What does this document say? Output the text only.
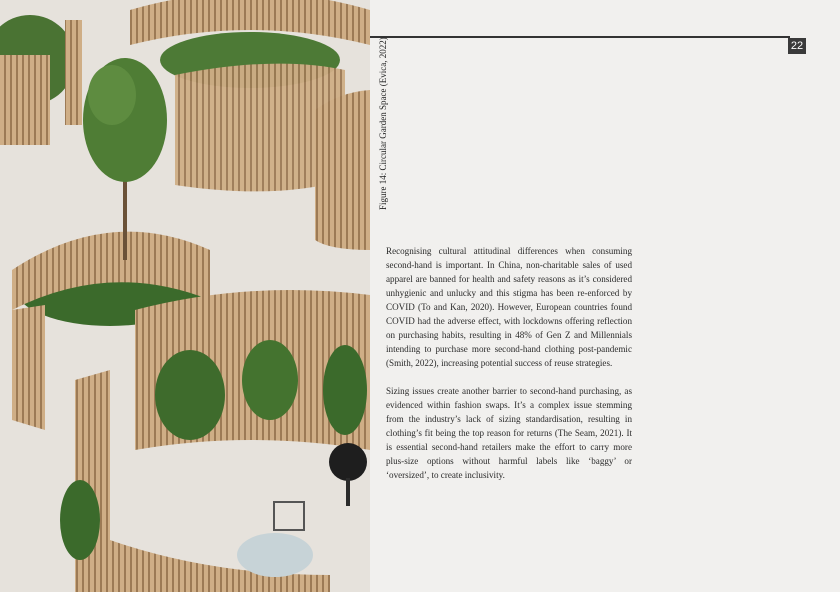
22
Figure 14: Circular Garden Space (Evica, 2022)

Recognising cultural attitudinal differences when consuming second-hand is important. In China, non-charitable sales of used apparel are banned for health and safety reasons as it’s considered unhygienic and unlucky and this stigma has been re-enforced by COVID (To and Kan, 2020). However, European countries found COVID had the adverse effect, with lockdowns offering reflection on purchasing habits, resulting in 48% of Gen Z and Millennials intending to purchase more second-hand clothing post-pandemic (Smith, 2022), increasing potential success of reuse strategies.

Sizing issues create another barrier to second-hand purchasing, as evidenced within fashion swaps. It’s a complex issue stemming from the industry’s lack of sizing standardisation, resulting in clothing’s fit being the top reason for returns (The Seam, 2021). It is essential second-hand retailers make the effort to carry more plus-size options without harmful labels like ‘baggy’ or ‘oversized’, to create inclusivity.
